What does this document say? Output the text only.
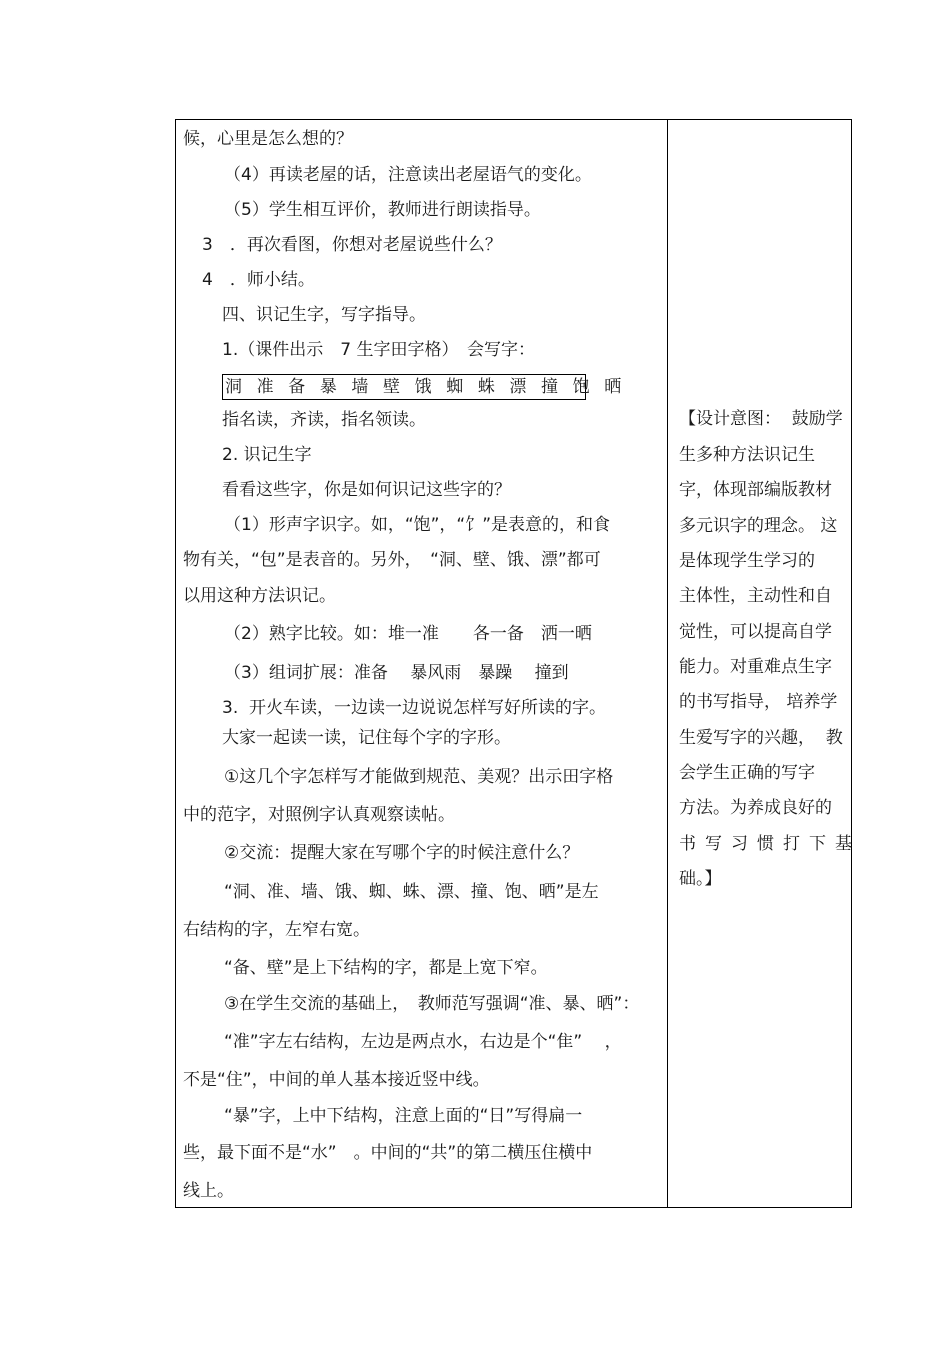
候，心里是怎么想的？
（4）再读老屋的话，注意读出老屋语气的变化。
（5）学生相互评价，教师进行朗读指导。
3　．再次看图，你想对老屋说些什么？
4　．师小结。
四、识记生字，写字指导。
1.（课件出示　7 生字田字格）　会写字：
洞 准 备 暴 墙 壁 饿 蜘 蛛 漂 撞 饱 晒
指名读，齐读，指名领读。
2. 识记生字
看看这些字，你是如何识记这些字的？
（1）形声字识字。如，“饱”，“饣”是表意的，和食
物有关，“包”是表音的。另外，　“洞、壁、饿、漂”都可
以用这种方法识记。
（2）熟字比较。如：堆一准　　各一备　洒一晒
（3）组词扩展：准备　 暴风雨　暴躁　 撞到
3.  开火车读，一边读一边说说怎样写好所读的字。
大家一起读一读，记住每个字的字形。
①这几个字怎样写才能做到规范、美观？出示田字格
中的范字，对照例字认真观察读帖。
②交流：提醒大家在写哪个字的时候注意什么？
“洞、准、墙、饿、蜘、蛛、漂、撞、饱、晒”是左
右结构的字，左窄右宽。
“备、壁”是上下结构的字，都是上宽下窄。
③在学生交流的基础上，　教师范写强调“准、暴、晒”：
“准”字左右结构，左边是两点水，右边是个“隹”　 ，
不是“住”，中间的单人基本接近竖中线。
“暴”字，上中下结构，注意上面的“日”写得扁一
些，最下面不是“水”　。中间的“共”的第二横压住横中
线上。
【设计意图：  鼓励学
生多种方法识记生
字，体现部编版教材
多元识字的理念。 这
是体现学生学习的
主体性，主动性和自
觉性，可以提高自学
能力。对重难点生字
的书写指导， 培养学
生爱写字的兴趣，  教
会学生正确的写字
方法。为养成良好的
书写习惯打下基
础。】
